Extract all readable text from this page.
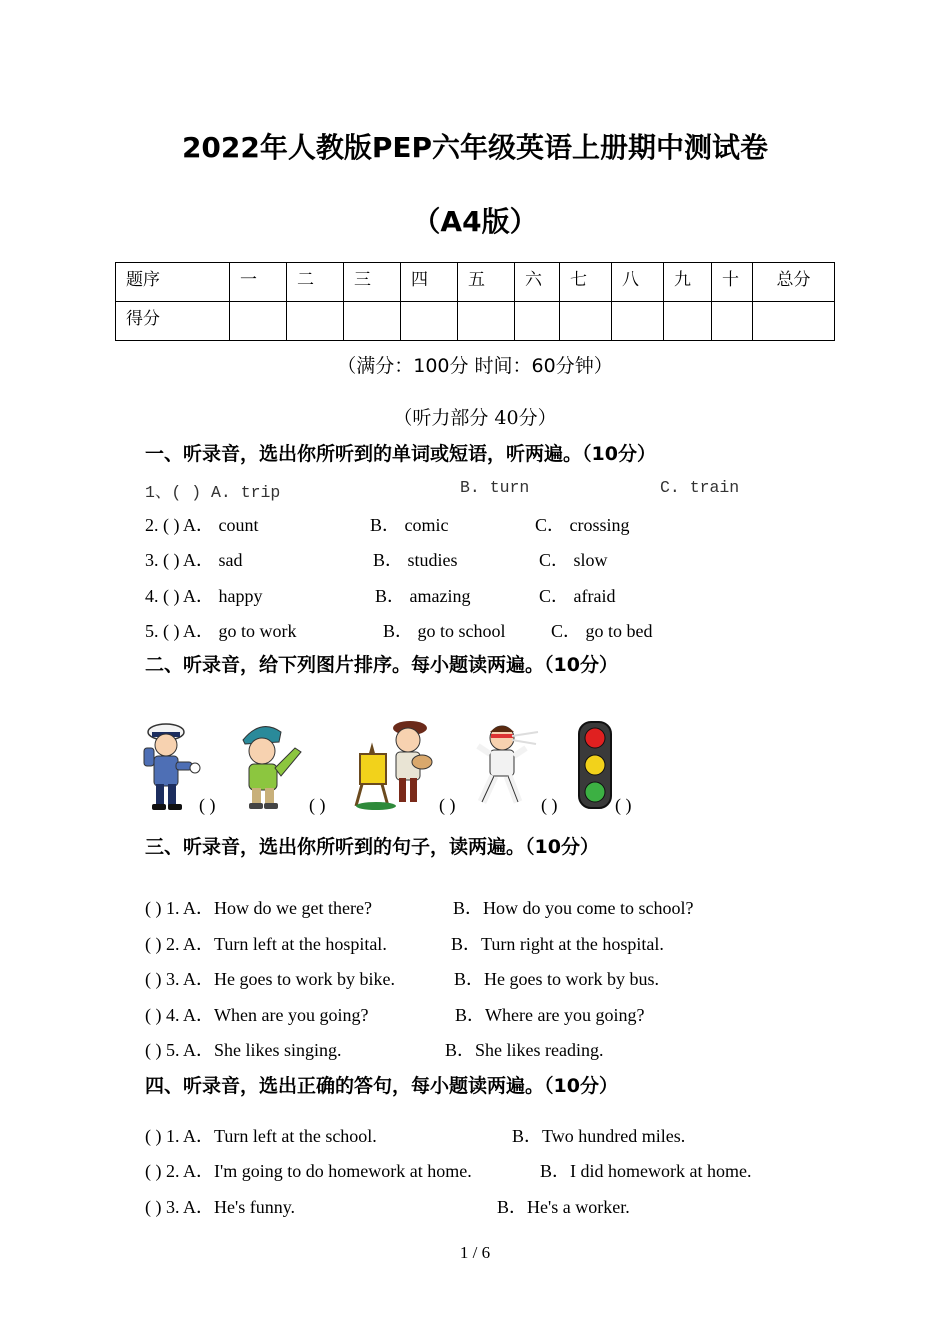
2022年人教版PEP六年级英语上册期中测试卷
（A4版）
题序	一	二	三	四	五	六	七	八	九	十	总分
得分											
（满分：100分 时间：60分钟）
（听力部分 40分）
一、听录音，选出你所听到的单词或短语，听两遍。（10分）
1、( ) A. trip	B. turn	C. train
2. ( ) A． count	B． comic	C． crossing
3. ( ) A． sad	B． studies	C． slow
4. ( ) A． happy	B． amazing	C． afraid
5. ( ) A． go to work	B． go to school	C． go to bed
二、听录音，给下列图片排序。每小题读两遍。（10分）
( )	( )	( )	( )	( )
三、听录音，选出你所听到的句子，读两遍。（10分）
( ) 1. A．How do we get there?	B．How do you come to school?
( ) 2. A．Turn left at the hospital.	B．Turn right at the hospital.
( ) 3. A．He goes to work by bike.	B．He goes to work by bus.
( ) 4. A．When are you going?	B．Where are you going?
( ) 5. A．She likes singing.	B．She likes reading.
四、听录音，选出正确的答句，每小题读两遍。（10分）
( ) 1. A．Turn left at the school.	B．Two hundred miles.
( ) 2. A．I'm going to do homework at home.	B．I did homework at home.
( ) 3. A．He's funny.	B．He's a worker.
1 / 6
